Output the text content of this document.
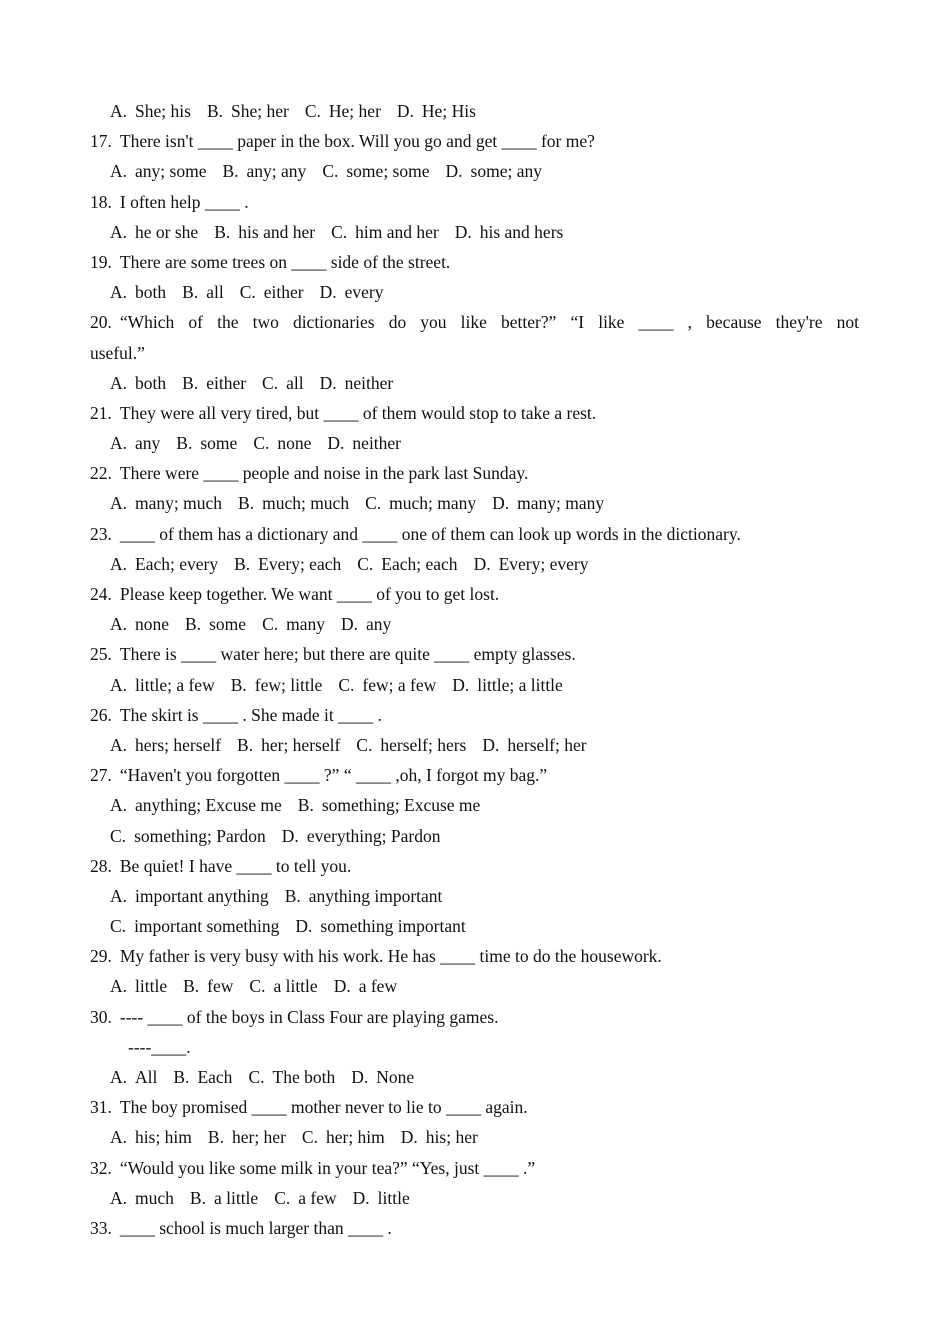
A. She; his B. She; her C. He; her D. He; His
17. There isn't ____ paper in the box. Will you go and get ____ for me?
A. any; some B. any; any C. some; some D. some; any
18. I often help ____ .
A. he or she B. his and her C. him and her D. his and hers
19. There are some trees on ____ side of the street.
A. both B. all C. either D. every
20. “Which of the two dictionaries do you like better?” “I like ____ , because they're not
useful.”
A. both B. either C. all D. neither
21. They were all very tired, but ____ of them would stop to take a rest.
A. any B. some C. none D. neither
22. There were ____ people and noise in the park last Sunday.
A. many; much B. much; much C. much; many D. many; many
23. ____ of them has a dictionary and ____ one of them can look up words in the dictionary.
A. Each; every B. Every; each C. Each; each D. Every; every
24. Please keep together. We want ____ of you to get lost.
A. none B. some C. many D. any
25. There is ____ water here; but there are quite ____ empty glasses.
A. little; a few B. few; little C. few; a few D. little; a little
26. The skirt is ____ . She made it ____ .
A. hers; herself B. her; herself C. herself; hers D. herself; her
27. “Haven't you forgotten ____ ?” “ ____ ,oh, I forgot my bag.”
A. anything; Excuse me B. something; Excuse me
C. something; Pardon D. everything; Pardon
28. Be quiet! I have ____ to tell you.
A. important anything B. anything important
C. important something D. something important
29. My father is very busy with his work. He has ____ time to do the housework.
A. little B. few C. a little D. a few
30. ---- ____ of the boys in Class Four are playing games.
----____.
A. All B. Each C. The both D. None
31. The boy promised ____ mother never to lie to ____ again.
A. his; him B. her; her C. her; him D. his; her
32. “Would you like some milk in your tea?” “Yes, just ____ .”
A. much B. a little C. a few D. little
33. ____ school is much larger than ____ .
